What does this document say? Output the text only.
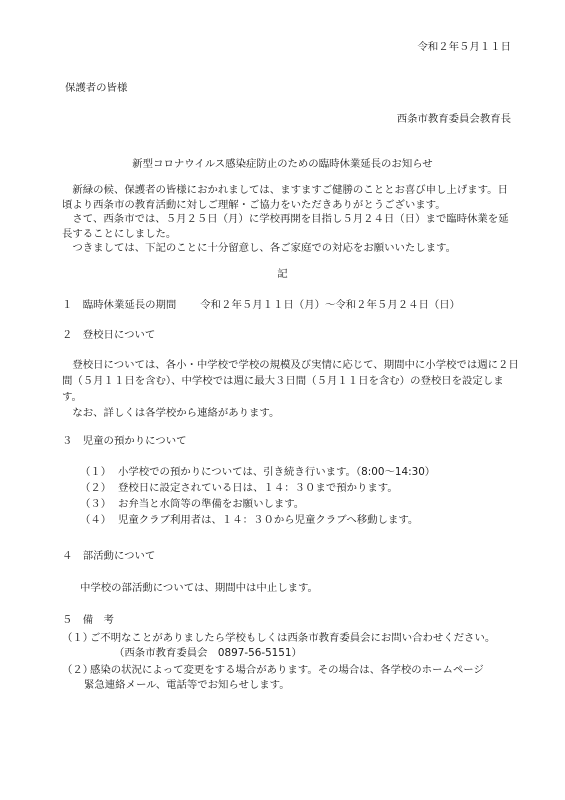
令和２年５月１１日
保護者の皆様
西条市教育委員会教育長
新型コロナウイルス感染症防止のための臨時休業延長のお知らせ

新緑の候、保護者の皆様におかれましては、ますますご健勝のこととお喜び申し上げます。日頃より西条市の教育活動に対しご理解・ご協力をいただきありがとうございます。

さて、西条市では、５月２５日（月）に学校再開を目指し５月２４日（日）まで臨時休業を延長することにしました。

つきましては、下記のことに十分留意し、各ご家庭での対応をお願いいたします。

記
１　臨時休業延長の期間 令和２年５月１１日（月）～令和２年５月２４日（日）
２　登校日について

登校日については、各小・中学校で学校の規模及び実情に応じて、期間中に小学校では週に２日間（５月１１日を含む）、中学校では週に最大３日間（５月１１日を含む）の登校日を設定します。

なお、詳しくは各学校から連絡があります。

３　児童の預かりについて
（１） 小学校での預かりについては、引き続き行います。（8:00～14:30）
（２） 登校日に設定されている日は、１４：３０まで預かります。
（３） お弁当と水筒等の準備をお願いします。
（４） 児童クラブ利用者は、１４：３０から児童クラブへ移動します。
４　部活動について
中学校の部活動については、期間中は中止します。
５　備　考
（１）
ご不明なことがありましたら学校もしくは西条市教育委員会にお問い合わせください。
（西条市教育委員会　0897-56-5151）
（２）
感染の状況によって変更をする場合があります。その場合は、各学校のホームページ
緊急連絡メール、電話等でお知らせします。
